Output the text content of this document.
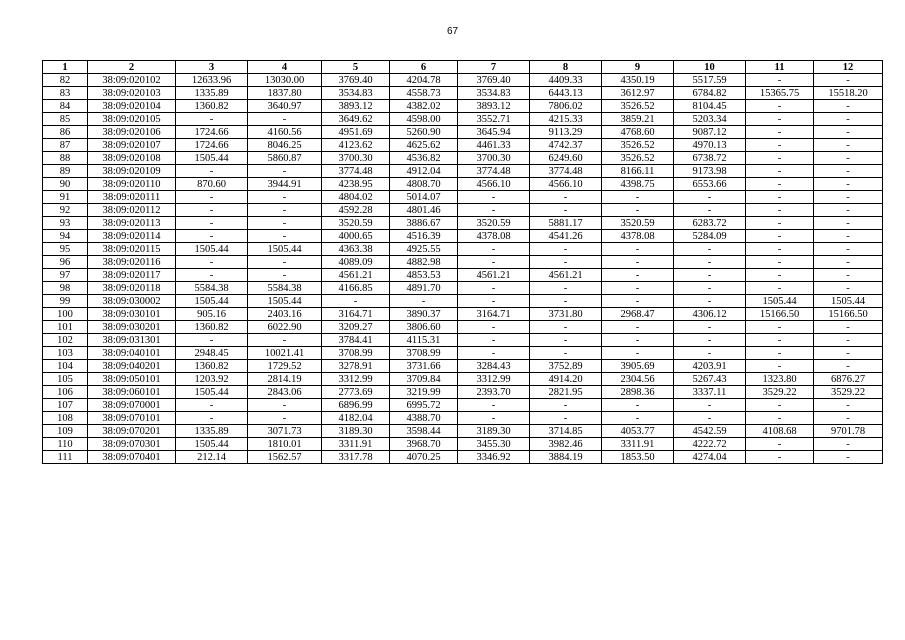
67
1	2	3	4	5	6	7	8	9	10	11	12
82	38:09:020102	12633.96	13030.00	3769.40	4204.78	3769.40	4409.33	4350.19	5517.59	-	-
83	38:09:020103	1335.89	1837.80	3534.83	4558.73	3534.83	6443.13	3612.97	6784.82	15365.75	15518.20
84	38:09:020104	1360.82	3640.97	3893.12	4382.02	3893.12	7806.02	3526.52	8104.45	-	-
85	38:09:020105	-	-	3649.62	4598.00	3552.71	4215.33	3859.21	5203.34	-	-
86	38:09:020106	1724.66	4160.56	4951.69	5260.90	3645.94	9113.29	4768.60	9087.12	-	-
87	38:09:020107	1724.66	8046.25	4123.62	4625.62	4461.33	4742.37	3526.52	4970.13	-	-
88	38:09:020108	1505.44	5860.87	3700.30	4536.82	3700.30	6249.60	3526.52	6738.72	-	-
89	38:09:020109	-	-	3774.48	4912.04	3774.48	3774.48	8166.11	9173.98	-	-
90	38:09:020110	870.60	3944.91	4238.95	4808.70	4566.10	4566.10	4398.75	6553.66	-	-
91	38:09:020111	-	-	4804.02	5014.07	-	-	-	-	-	-
92	38:09:020112	-	-	4592.28	4801.46	-	-	-	-	-	-
93	38:09:020113	-	-	3520.59	3886.67	3520.59	5881.17	3520.59	6283.72	-	-
94	38:09:020114	-	-	4000.65	4516.39	4378.08	4541.26	4378.08	5284.09	-	-
95	38:09:020115	1505.44	1505.44	4363.38	4925.55	-	-	-	-	-	-
96	38:09:020116	-	-	4089.09	4882.98	-	-	-	-	-	-
97	38:09:020117	-	-	4561.21	4853.53	4561.21	4561.21	-	-	-	-
98	38:09:020118	5584.38	5584.38	4166.85	4891.70	-	-	-	-	-	-
99	38:09:030002	1505.44	1505.44	-	-	-	-	-	-	1505.44	1505.44
100	38:09:030101	905.16	2403.16	3164.71	3890.37	3164.71	3731.80	2968.47	4306.12	15166.50	15166.50
101	38:09:030201	1360.82	6022.90	3209.27	3806.60	-	-	-	-	-	-
102	38:09:031301	-	-	3784.41	4115.31	-	-	-	-	-	-
103	38:09:040101	2948.45	10021.41	3708.99	3708.99	-	-	-	-	-	-
104	38:09:040201	1360.82	1729.52	3278.91	3731.66	3284.43	3752.89	3905.69	4203.91	-	-
105	38:09:050101	1203.92	2814.19	3312.99	3709.84	3312.99	4914.20	2304.56	5267.43	1323.80	6876.27
106	38:09:060101	1505.44	2843.06	2773.69	3219.99	2393.70	2821.95	2898.36	3337.11	3529.22	3529.22
107	38:09:070001	-	-	6896.99	6995.72	-	-	-	-	-	-
108	38:09:070101	-	-	4182.04	4388.70	-	-	-	-	-	-
109	38:09:070201	1335.89	3071.73	3189.30	3598.44	3189.30	3714.85	4053.77	4542.59	4108.68	9701.78
110	38:09:070301	1505.44	1810.01	3311.91	3968.70	3455.30	3982.46	3311.91	4222.72	-	-
111	38:09:070401	212.14	1562.57	3317.78	4070.25	3346.92	3884.19	1853.50	4274.04	-	-
